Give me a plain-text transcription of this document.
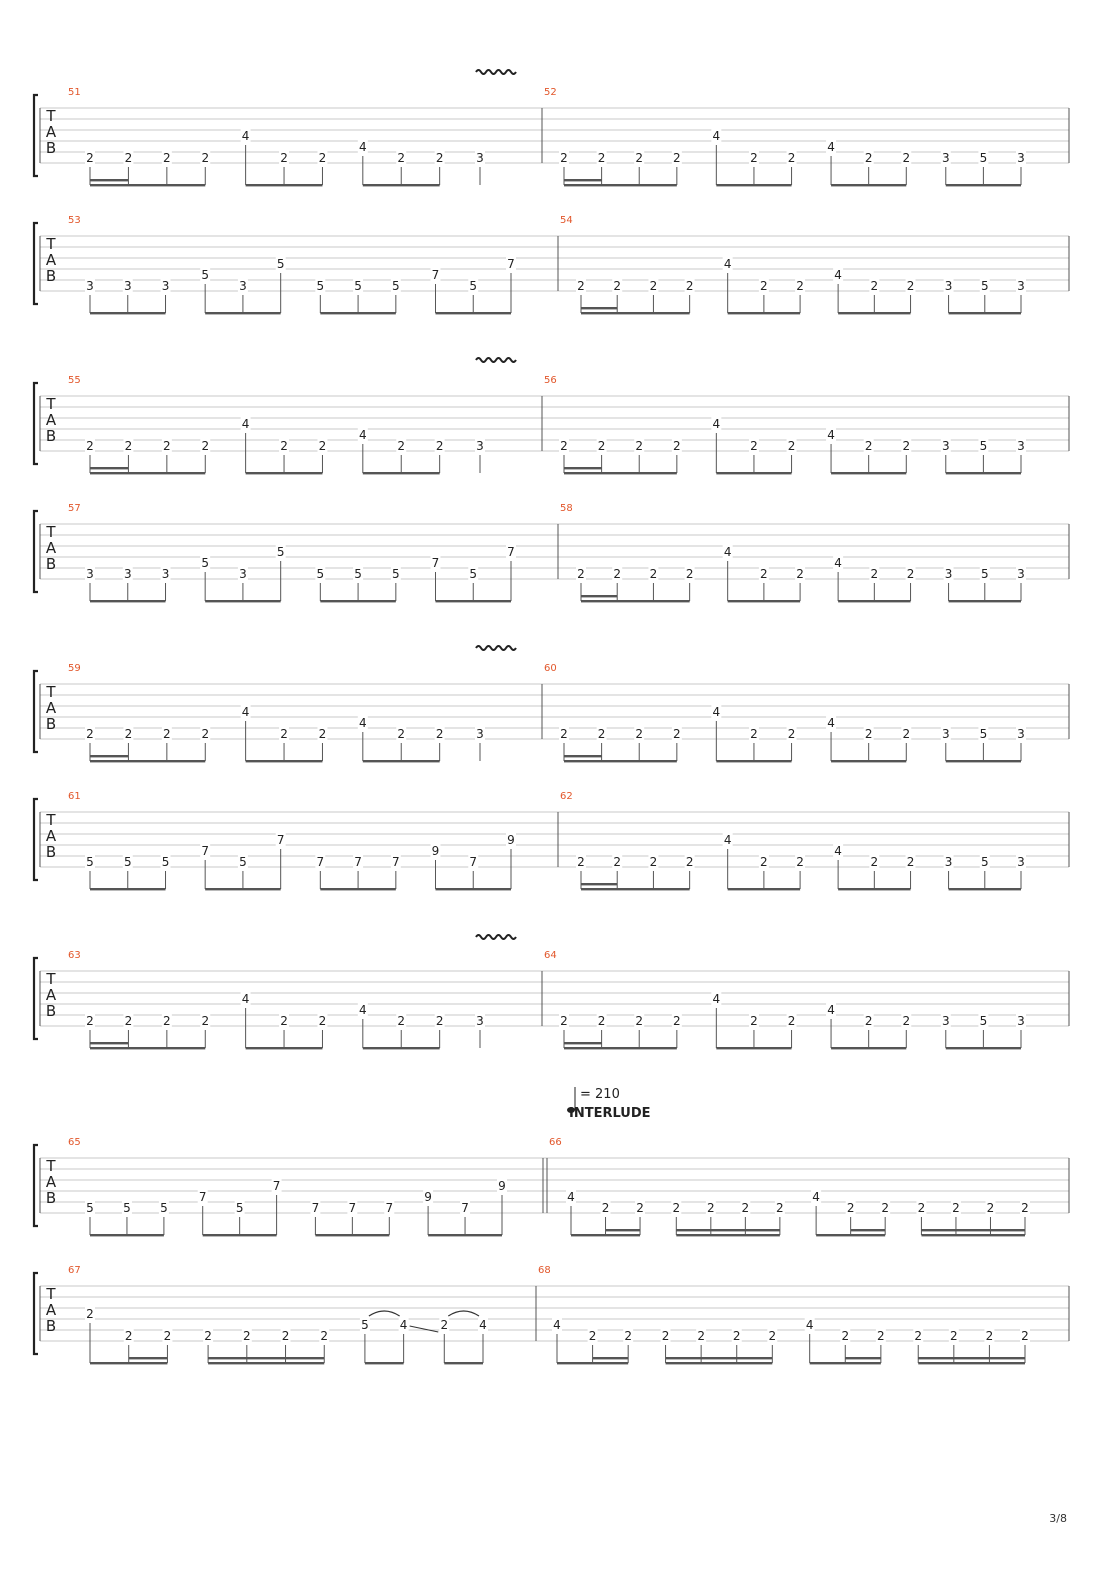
T
A
B
51
2	2	2	2
4
2	2
4
2	2	3
52
2 2 2 2
4
2 2
4
2 2	3 5 3
T
A
B
53
3	3	3
5
3
5
5	5	5
7
5
7
54
2 2 2 2
4
2 2
4
2 2	3 5 3
T
A
B
55
2	2	2	2
4
2	2
4
2	2	3
56
2 2 2 2
4
2 2
4
2 2	3 5 3
T
A
B
57
3	3	3
5
3
5
5	5	5
7
5
7
58
2 2 2 2
4
2 2
4
2 2	3 5 3
T
A
B
59
2	2	2	2
4
2	2
4
2	2	3
60
2 2 2 2
4
2 2
4
2 2	3 5 3
T
A
B
61
5	5	5
7
5
7
7	7	7
9
7
9
62
2 2 2 2
4
2 2
4
2 2	3 5 3
T
A
B
63
2	2	2	2
4
2	2
4
2	2	3
64
2 2 2 2
4
2 2
4
2 2	3 5 3
T
A
B
65
5 5 5
7
5
7
7 7 7
9
7
9
66
4
2 2 2 2 2 2
4
2 2 2 2 2 2
T
A
B
67
2
2	2	2	2	2	2
5	4	2	4
68
4
2 2 2 2 2 2
4
2 2 2 2 2 2
= 210
INTERLUDE
3/8
